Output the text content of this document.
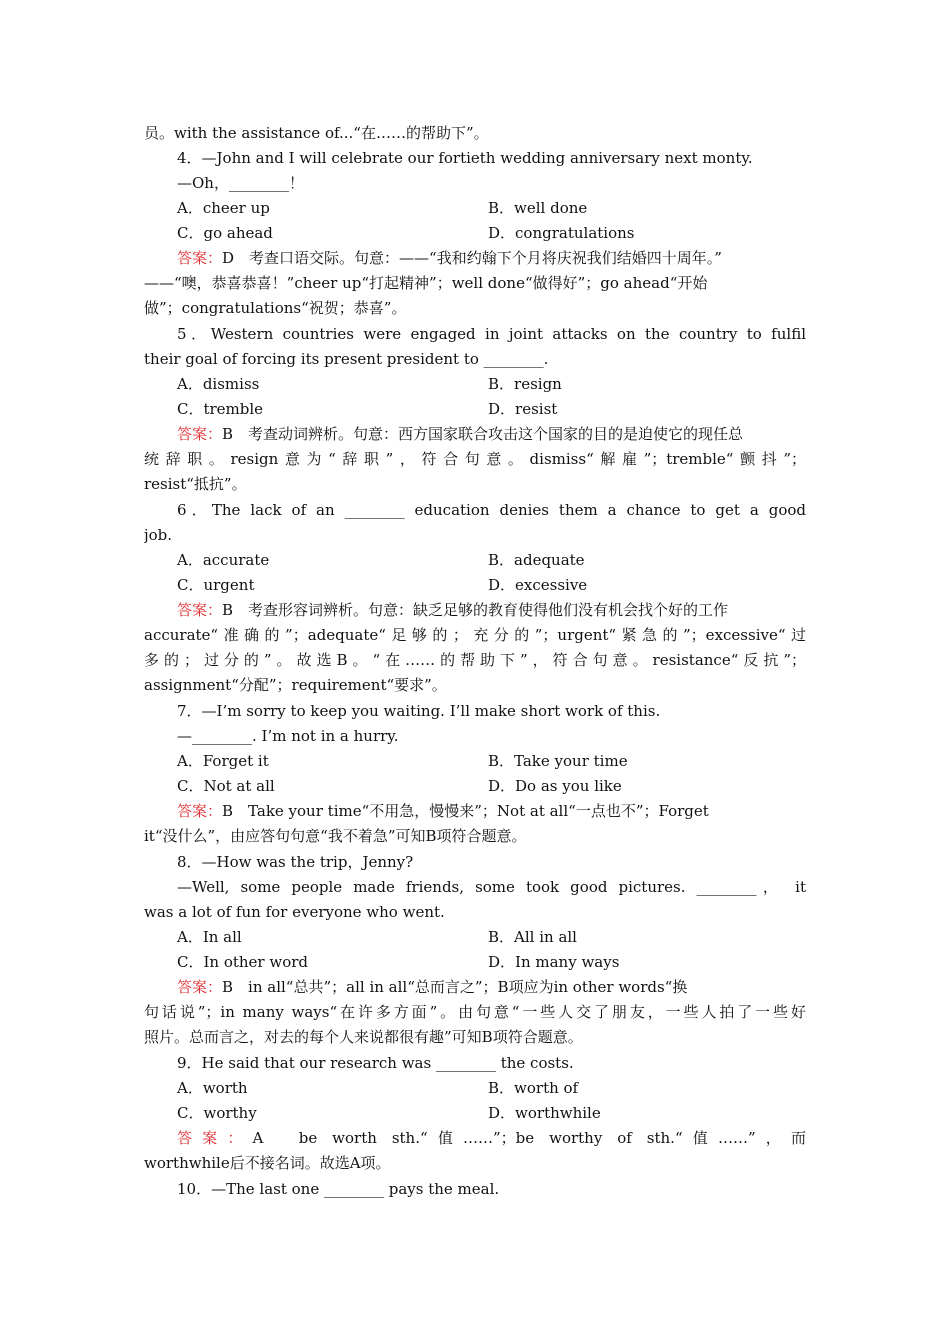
员。with the assistance of...“在……的帮助下”。
4．—John and I will celebrate our fortieth wedding anniversary next monty.
—Oh，________！
A．cheer up	B．well done
C．go ahead	D．congratulations
答案：D　考查口语交际。句意：——“我和约翰下个月将庆祝我们结婚四十周年。”
——“噢，恭喜恭喜！”cheer up“打起精神”；well done“做得好”；go ahead“开始
做”；congratulations“祝贺；恭喜”。
5．Western countries were engaged in joint attacks on the country to fulfil
their goal of forcing its present president to ________.
A．dismiss	B．resign
C．tremble	D．resist
答案：B　考查动词辨析。句意：西方国家联合攻击这个国家的目的是迫使它的现任总
统辞职。resign意为“辞职”，符合句意。dismiss“解雇”；tremble“颤抖”；
resist“抵抗”。
6．The lack of an ________ education denies them a chance to get a good
job.
A．accurate	B．adequate
C．urgent	D．excessive
答案：B　考查形容词辨析。句意：缺乏足够的教育使得他们没有机会找个好的工作
accurate“准确的”；adequate“足够的；充分的”；urgent“紧急的”；excessive“过
多的；过分的”。故选B。“在……的帮助下”，符合句意。resistance“反抗”；
assignment“分配”；requirement“要求”。
7．—I’m sorry to keep you waiting. I’ll make short work of this.
—________. I’m not in a hurry.
A．Forget it	B．Take your time
C．Not at all	D．Do as you like
答案：B　Take your time“不用急，慢慢来”；Not at all“一点也不”；Forget
it“没什么”，由应答句句意“我不着急”可知B项符合题意。
8．—How was the trip，Jenny?
—Well, some people made friends, some took good pictures. ________， it
was a lot of fun for everyone who went.
A．In all	B．All in all
C．In other word	D．In many ways
答案：B　in all“总共”；all in all“总而言之”；B项应为in other words“换
句话说”；in many ways“在许多方面”。由句意“一些人交了朋友，一些人拍了一些好
照片。总而言之，对去的每个人来说都很有趣”可知B项符合题意。
9．He said that our research was ________ the costs.
A．worth	B．worth of
C．worthy	D．worthwhile
答案：A　be worth sth.“值……”；be worthy of sth.“值……”，而
worthwhile后不接名词。故选A项。
10．—The last one ________ pays the meal.
